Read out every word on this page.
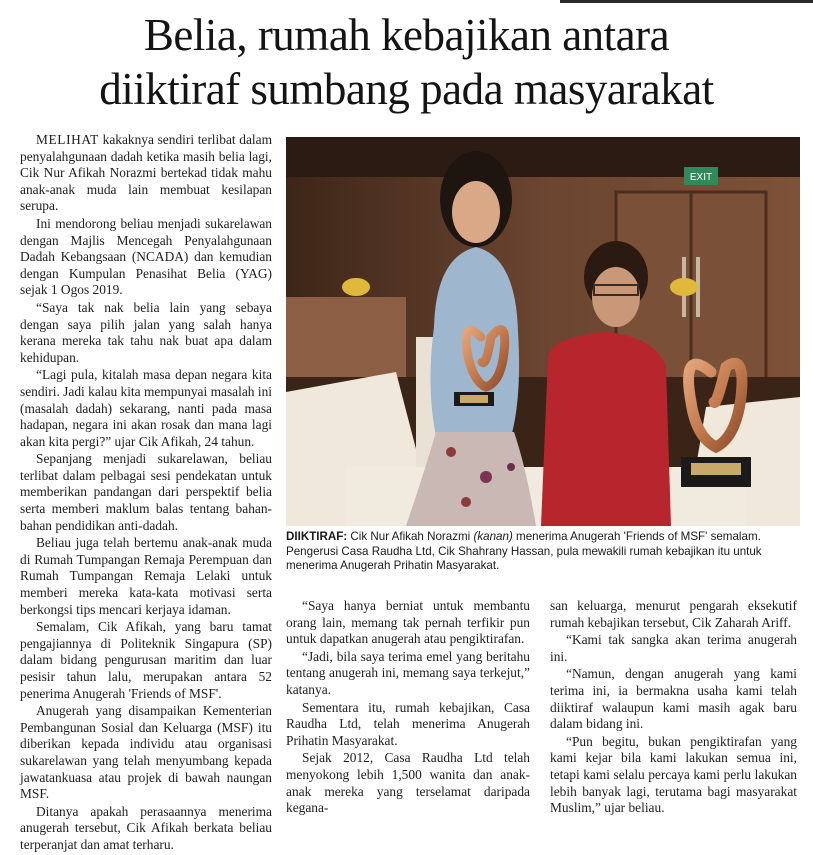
Belia, rumah kebajikan antara
diiktiraf sumbang pada masyarakat

MELIHAT kakaknya sendiri terlibat dalam penyalahgunaan dadah ketika masih belia lagi, Cik Nur Afikah Norazmi bertekad tidak mahu anak-anak muda lain membuat kesilapan serupa.

Ini mendorong beliau menjadi sukarelawan dengan Majlis Mencegah Penyalahgunaan Dadah Kebangsaan (NCADA) dan kemudian dengan Kumpulan Penasihat Belia (YAG) sejak 1 Ogos 2019.

“Saya tak nak belia lain yang sebaya dengan saya pilih jalan yang salah hanya kerana mereka tak tahu nak buat apa dalam kehidupan.

“Lagi pula, kitalah masa depan negara kita sendiri. Jadi kalau kita mempunyai masalah ini (masalah dadah) sekarang, nanti pada masa hadapan, negara ini akan rosak dan mana lagi akan kita pergi?” ujar Cik Afikah, 24 tahun.

Sepanjang menjadi sukarelawan, beliau terlibat dalam pelbagai sesi pendekatan untuk memberikan pandangan dari perspektif belia serta memberi maklum balas tentang bahan-bahan pendidikan anti-dadah.

Beliau juga telah bertemu anak-anak muda di Rumah Tumpangan Remaja Perempuan dan Rumah Tumpangan Remaja Lelaki untuk memberi mereka kata-kata motivasi serta berkongsi tips mencari kerjaya idaman.

Semalam, Cik Afikah, yang baru tamat pengajiannya di Politeknik Singapura (SP) dalam bidang pengurusan maritim dan luar pesisir tahun lalu, merupakan antara 52 penerima Anugerah 'Friends of MSF'.

Anugerah yang disampaikan Kementerian Pembangunan Sosial dan Keluarga (MSF) itu diberikan kepada individu atau organisasi sukarelawan yang telah menyumbang kepada jawatankuasa atau projek di bawah naungan MSF.

Ditanya apakah perasaannya menerima anugerah tersebut, Cik Afikah berkata beliau terperanjat dan amat terharu.

EXIT
DIIKTIRAF: Cik Nur Afikah Norazmi (kanan) menerima Anugerah 'Friends of MSF' semalam. Pengerusi Casa Raudha Ltd, Cik Shahrany Hassan, pula mewakili rumah kebajikan itu untuk menerima Anugerah Prihatin Masyarakat.

“Saya hanya berniat untuk membantu orang lain, memang tak pernah terfikir pun untuk dapatkan anugerah atau pengiktirafan.

“Jadi, bila saya terima emel yang beritahu tentang anugerah ini, memang saya terkejut,” katanya.

Sementara itu, rumah kebajikan, Casa Raudha Ltd, telah menerima Anugerah Prihatin Masyarakat.

Sejak 2012, Casa Raudha Ltd telah menyokong lebih 1,500 wanita dan anak-anak mereka yang terselamat daripada kegana-

san keluarga, menurut pengarah eksekutif rumah kebajikan tersebut, Cik Zaharah Ariff.

“Kami tak sangka akan terima anugerah ini.

“Namun, dengan anugerah yang kami terima ini, ia bermakna usaha kami telah diiktiraf walaupun kami masih agak baru dalam bidang ini.

“Pun begitu, bukan pengiktirafan yang kami kejar bila kami lakukan semua ini, tetapi kami selalu percaya kami perlu lakukan lebih banyak lagi, terutama bagi masyarakat Muslim,” ujar beliau.
